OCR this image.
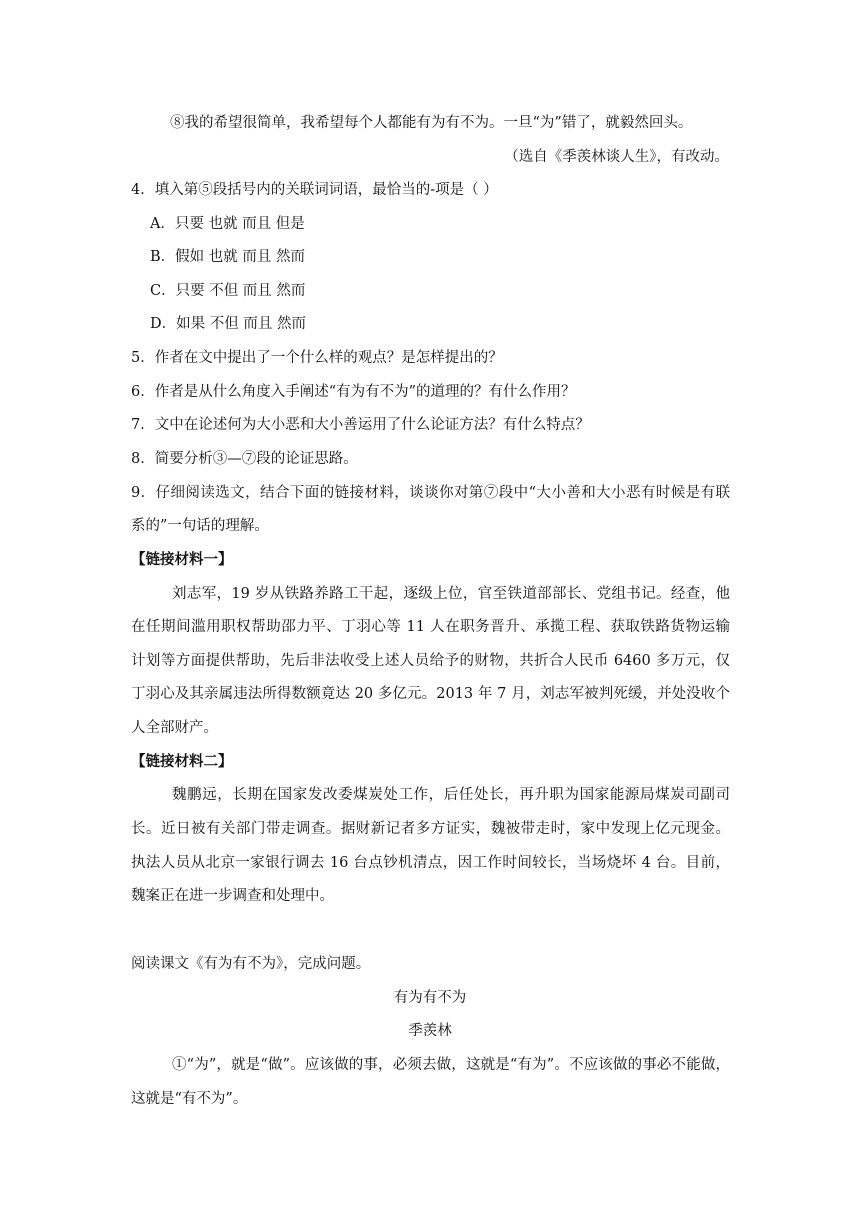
⑧我的希望很简单，我希望每个人都能有为有不为。一旦“为”错了，就毅然回头。
（选自《季羡林谈人生》，有改动。
4．填入第⑤段括号内的关联词词语，最恰当的-项是（ ）
A．只要 也就 而且 但是
B．假如 也就 而且 然而
C．只要 不但 而且 然而
D．如果 不但 而且 然而
5．作者在文中提出了一个什么样的观点？是怎样提出的？
6．作者是从什么角度入手阐述“有为有不为”的道理的？有什么作用？
7．文中在论述何为大小恶和大小善运用了什么论证方法？有什么特点？
8．简要分析③—⑦段的论证思路。
9．仔细阅读选文，结合下面的链接材料，谈谈你对第⑦段中“大小善和大小恶有时候是有联
系的”一句话的理解。
【链接材料一】
刘志军，19 岁从铁路养路工干起，逐级上位，官至铁道部部长、党组书记。经查，他
在任期间滥用职权帮助邵力平、丁羽心等 11 人在职务晋升、承揽工程、获取铁路货物运输
计划等方面提供帮助，先后非法收受上述人员给予的财物，共折合人民币 6460 多万元，仅
丁羽心及其亲属违法所得数额竟达 20 多亿元。2013 年 7 月，刘志军被判死缓，并处没收个
人全部财产。
【链接材料二】
魏鹏远，长期在国家发改委煤炭处工作，后任处长，再升职为国家能源局煤炭司副司
长。近日被有关部门带走调查。据财新记者多方证实，魏被带走时，家中发现上亿元现金。
执法人员从北京一家银行调去 16 台点钞机清点，因工作时间较长，当场烧坏 4 台。目前，
魏案正在进一步调查和处理中。
阅读课文《有为有不为》，完成问题。
有为有不为
季羡林
①“为”，就是“做”。应该做的事，必须去做，这就是“有为”。不应该做的事必不能做，
这就是“有不为”。
